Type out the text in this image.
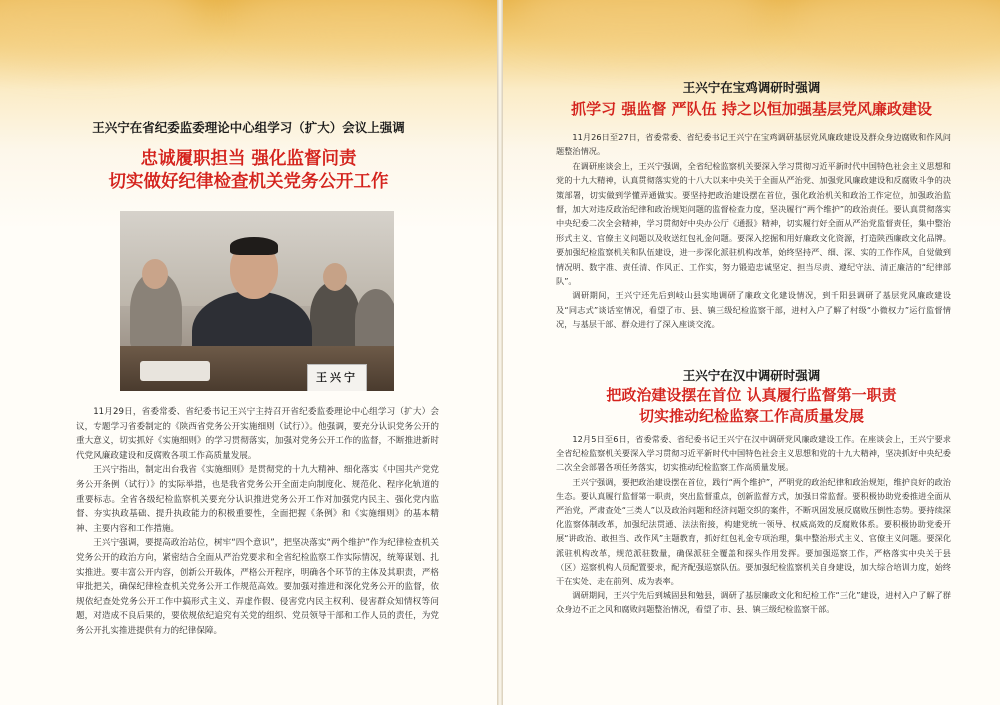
王兴宁在省纪委监委理论中心组学习（扩大）会议上强调
忠诚履职担当 强化监督问责
切实做好纪律检查机关党务公开工作
王兴宁

11月29日，省委常委、省纪委书记王兴宁主持召开省纪委监委理论中心组学习（扩大）会议，专题学习省委制定的《陕西省党务公开实施细则（试行）》。他强调，要充分认识党务公开的重大意义，切实抓好《实施细则》的学习贯彻落实，加强对党务公开工作的监督，不断推进新时代党风廉政建设和反腐败各项工作高质量发展。

王兴宁指出，制定出台我省《实施细则》是贯彻党的十九大精神、细化落实《中国共产党党务公开条例（试行）》的实际举措，也是我省党务公开全面走向制度化、规范化、程序化轨道的重要标志。全省各级纪检监察机关要充分认识推进党务公开工作对加强党内民主、强化党内监督、夯实执政基础、提升执政能力的积极重要性，全面把握《条例》和《实施细则》的基本精神、主要内容和工作措施。

王兴宁强调，要提高政治站位，树牢“四个意识”，把坚决落实“两个维护”作为纪律检查机关党务公开的政治方向，紧密结合全面从严治党要求和全省纪检监察工作实际情况，统筹谋划、扎实推进。要丰富公开内容，创新公开载体，严格公开程序，明确各个环节的主体及其职责，严格审批把关，确保纪律检查机关党务公开工作规范高效。要加强对推进和深化党务公开的监督，依规依纪查处党务公开工作中搞形式主义、弄虚作假、侵害党内民主权利、侵害群众知情权等问题，对造成不良后果的，要依规依纪追究有关党的组织、党员领导干部和工作人员的责任，为党务公开扎实推进提供有力的纪律保障。

王兴宁在宝鸡调研时强调
抓学习 强监督 严队伍 持之以恒加强基层党风廉政建设

11月26日至27日，省委常委、省纪委书记王兴宁在宝鸡调研基层党风廉政建设及群众身边腐败和作风问题整治情况。

在调研座谈会上，王兴宁强调，全省纪检监察机关要深入学习贯彻习近平新时代中国特色社会主义思想和党的十九大精神，认真贯彻落实党的十八大以来中央关于全面从严治党、加强党风廉政建设和反腐败斗争的决策部署，切实做到学懂弄通做实。要坚持把政治建设摆在首位，强化政治机关和政治工作定位，加强政治监督，加大对违反政治纪律和政治规矩问题的监督检查力度，坚决履行“两个维护”的政治责任。要认真贯彻落实中央纪委二次全会精神，学习贯彻好中央办公厅《通报》精神，切实履行好全面从严治党监督责任，集中整治形式主义、官僚主义问题以及收送红包礼金问题。要深入挖掘和用好廉政文化资源，打造陕西廉政文化品牌。要加强纪检监察机关和队伍建设，进一步深化派驻机构改革，始终坚持严、细、深、实的工作作风，自觉做到情况明、数字准、责任清、作风正、工作实，努力锻造忠诚坚定、担当尽责、遵纪守法、清正廉洁的“纪律部队”。

调研期间，王兴宁还先后到岐山县实地调研了廉政文化建设情况，到千阳县调研了基层党风廉政建设及“同志式”谈话室情况，看望了市、县、镇三级纪检监察干部，进村入户了解了村级“小微权力”运行监督情况，与基层干部、群众进行了深入座谈交流。

王兴宁在汉中调研时强调
把政治建设摆在首位 认真履行监督第一职责
切实推动纪检监察工作高质量发展

12月5日至6日，省委常委、省纪委书记王兴宁在汉中调研党风廉政建设工作。在座谈会上，王兴宁要求全省纪检监察机关要深入学习贯彻习近平新时代中国特色社会主义思想和党的十九大精神，坚决抓好中央纪委二次全会部署各项任务落实，切实推动纪检监察工作高质量发展。

王兴宁强调，要把政治建设摆在首位，践行“两个维护”，严明党的政治纪律和政治规矩，维护良好的政治生态。要认真履行监督第一职责，突出监督重点，创新监督方式，加强日常监督。要积极协助党委推进全面从严治党，严肃查处“三类人”以及政治问题和经济问题交织的案件，不断巩固发展反腐败压倒性态势。要持续深化监察体制改革，加强纪法贯通、法法衔接，构建党统一领导、权威高效的反腐败体系。要积极协助党委开展“讲政治、敢担当、改作风”主题教育，抓好红包礼金专项治理，集中整治形式主义、官僚主义问题。要深化派驻机构改革，规范派驻数量，确保派驻全覆盖和探头作用发挥。要加强巡察工作，严格落实中央关于县（区）巡察机构人员配置要求，配齐配强巡察队伍。要加强纪检监察机关自身建设，加大综合培训力度，始终干在实处、走在前列、成为表率。

调研期间，王兴宁先后到城固县和勉县，调研了基层廉政文化和纪检工作“三化”建设，进村入户了解了群众身边不正之风和腐败问题整治情况，看望了市、县、镇三级纪检监察干部。
